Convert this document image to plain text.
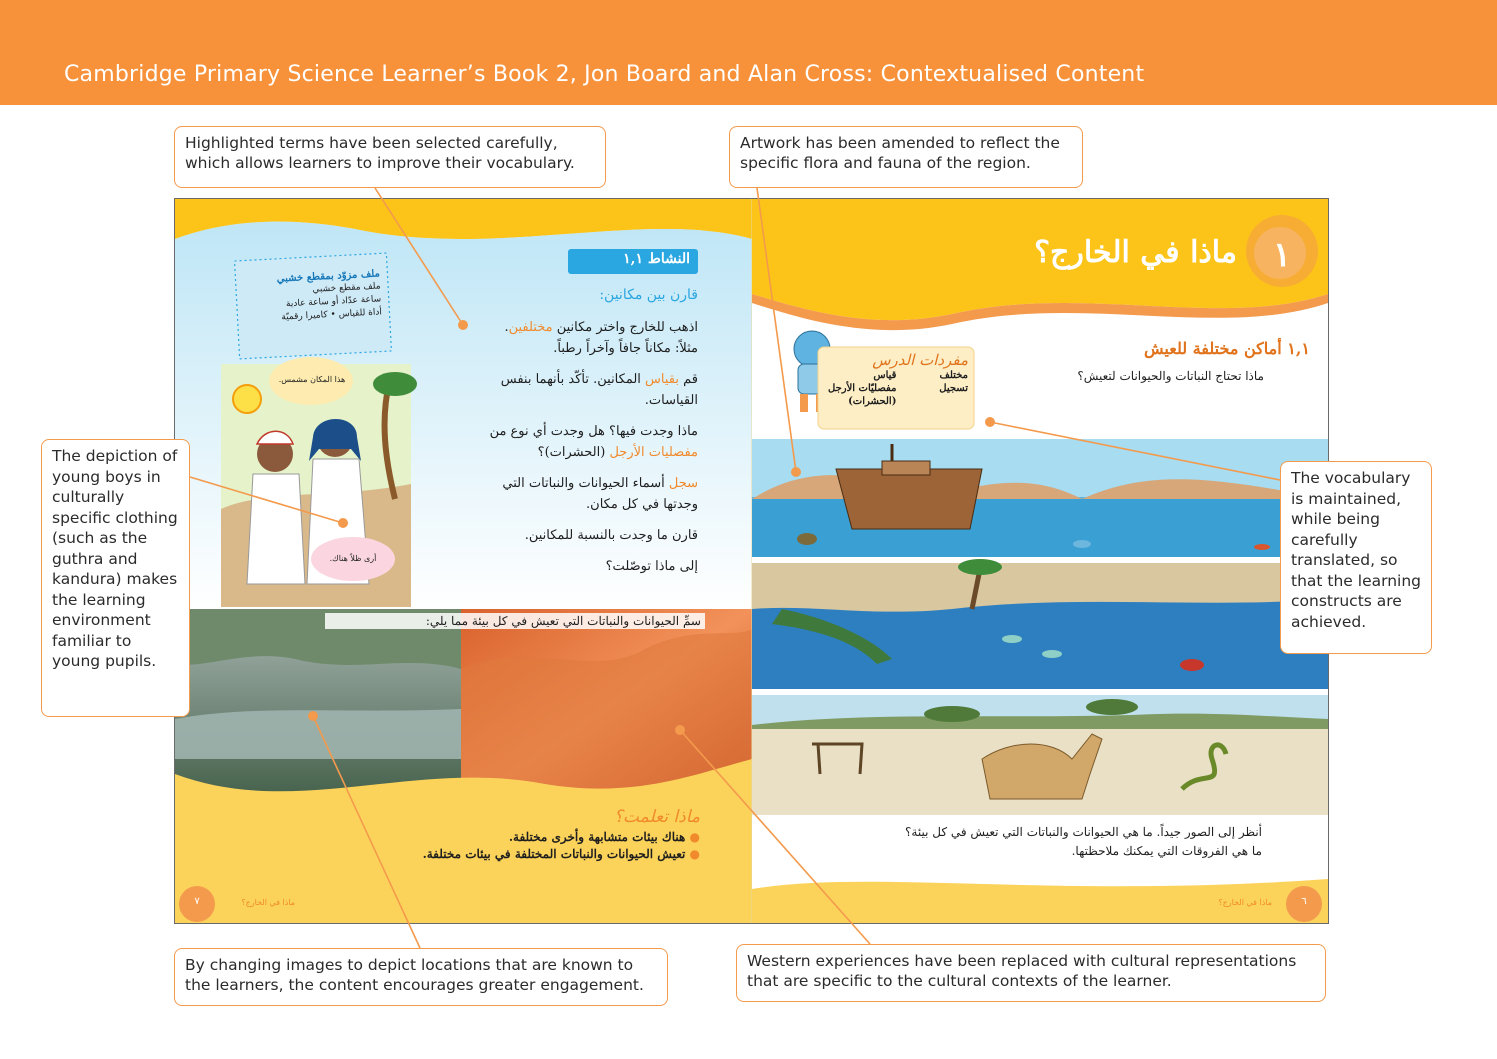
Cambridge Primary Science Learner’s Book 2, Jon Board and Alan Cross: Contextualised Content
النشاط ١,١
قارن بين مكانين:
اذهب للخارج واختر مكانين مختلفين.
مثلاً: مكاناً جافاً وآخراً رطباً.
قم بقياس المكانين. تأكّد بأنهما بنفس
القياسات.
ماذا وجدت فيها؟ هل وجدت أي نوع من
مفصليات الأرجل (الحشرات)؟
سجل أسماء الحيوانات والنباتات التي
وجدتها في كل مكان.
قارن ما وجدت بالنسبة للمكانين.
إلى ماذا توصّلت؟
ملف مزوّد بمقطع خشبي
ملف مقطع خشبي
ساعة عدّاد أو ساعة عادية
أداة للقياس • كاميرا رقميّة
هذا المكان مشمس.
أرى ظلاً هناك.
سمِّ الحيوانات والنباتات التي تعيش في كل بيئة مما يلي:
ماذا تعلمت؟
● هناك بيئات متشابهة وأخرى مختلفة.
● تعيش الحيوانات والنباتات المختلفة في بيئات مختلفة.
٧	ماذا في الخارج؟
ماذا في الخارج؟	١
١,١ أماكن مختلفة للعيش
ماذا تحتاج النباتات والحيوانات لتعيش؟
مفردات الدرس
مختلف
تسجيل
قياس
مفصليّات الأرجل
(الحشرات)
أنظر إلى الصور جيداً. ما هي الحيوانات والنباتات التي تعيش في كل بيئة؟
ما هي الفروقات التي يمكنك ملاحظتها.
٦
ماذا في الخارج؟
Highlighted terms have been selected carefully, which allows learners to improve their vocabulary.
Artwork has been amended to reflect the specific flora and fauna of the region.
The depiction of young boys in culturally specific clothing (such as the guthra and kandura) makes the learning environment familiar to young pupils.
The vocabulary is maintained, while being carefully translated, so that the learning constructs are achieved.
By changing images to depict locations that are known to the learners, the content encourages greater engagement.
Western experiences have been replaced with cultural representations that are specific to the cultural contexts of the learner.
